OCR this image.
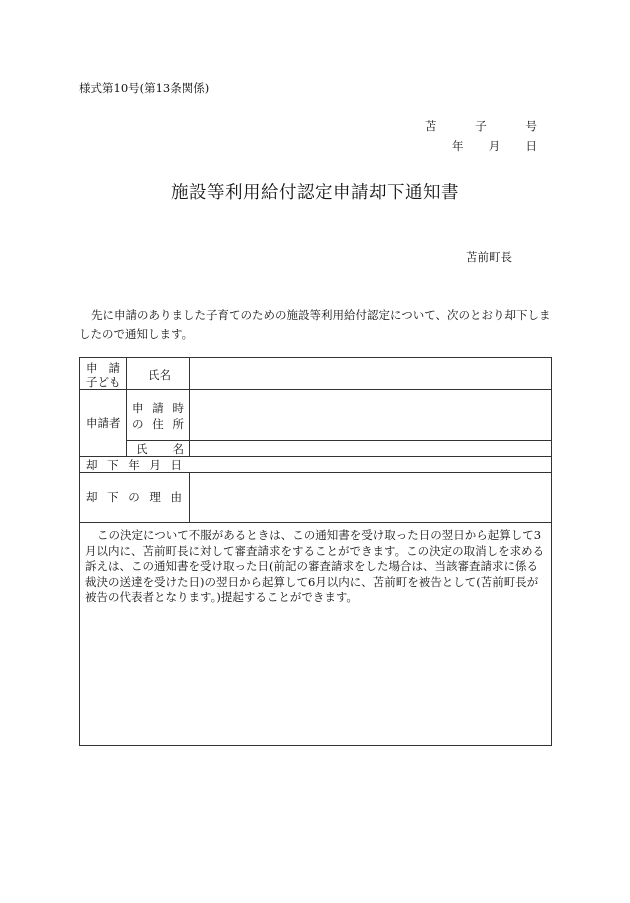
様式第10号(第13条関係)
苫	子	号
年 月 日
施設等利用給付認定申請却下通知書
苫前町長
先に申請のありました子育てのための施設等利用給付認定について、次のとおり却下しましたので通知します。
申 請
子ども 氏名
申請者
申 請 時
の 住 所
氏 名
却 下 年 月 日
却 下 の 理 由
この決定について不服があるときは、この通知書を受け取った日の翌日から起算して3月以内に、苫前町長に対して審査請求をすることができます。この決定の取消しを求める訴えは、この通知書を受け取った日(前記の審査請求をした場合は、当該審査請求に係る裁決の送達を受けた日)の翌日から起算して6月以内に、苫前町を被告として(苫前町長が被告の代表者となります。)提起することができます。
